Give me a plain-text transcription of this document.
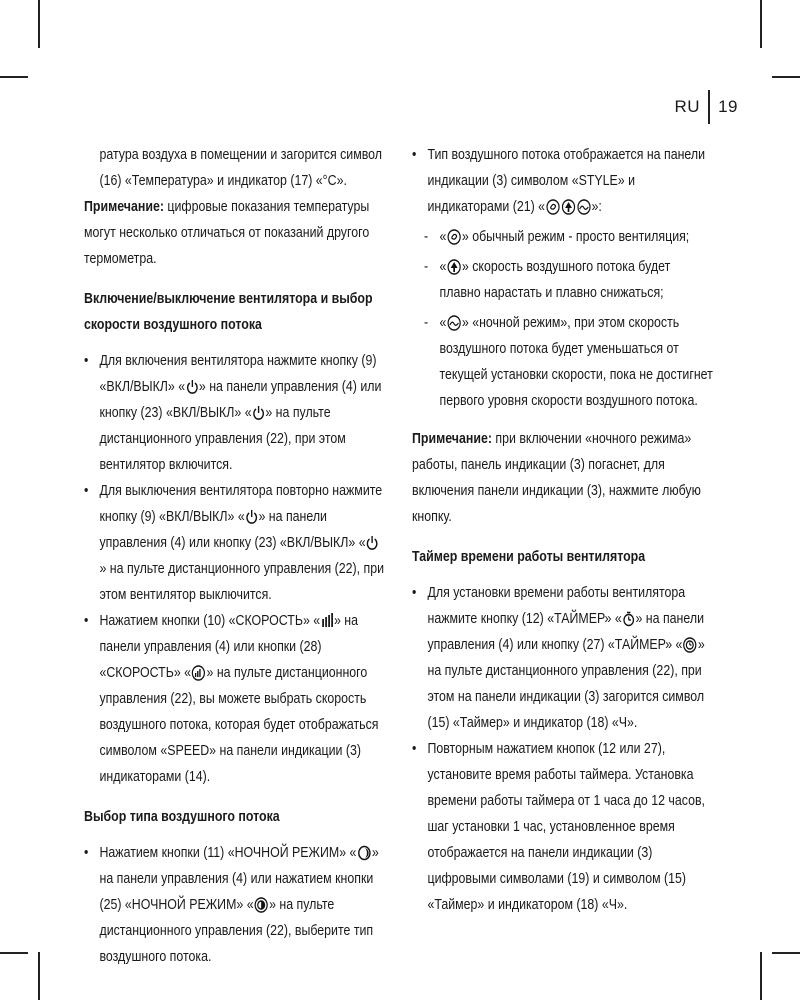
RU 19

ратура воздуха в помещении и загорится символ

(16) «Температура» и индикатор (17) «°С».

Примечание: цифровые показания температуры могут несколько отличаться от показаний другого термометра.

Включение/выключение вентилятора и выбор скорости воздушного потока

• Для включения вентилятора нажмите кнопку (9) «ВКЛ/ВЫКЛ» « » на панели управления (4) или кнопку (23) «ВКЛ/ВЫКЛ» « » на пульте дистанционного управления (22), при этом вентилятор включится.

• Для выключения вентилятора повторно нажмите кнопку (9) «ВКЛ/ВЫКЛ» « » на панели управления (4) или кнопку (23) «ВКЛ/ВЫКЛ» «» на пульте дистанционного управления (22), при этом вентилятор выключится.

• Нажатием кнопки (10) «СКОРОСТЬ» « » на панели управления (4) или кнопки (28) «СКОРОСТЬ» « » на пульте дистанционного управления (22), вы можете выбрать скорость воздушного потока, которая будет отображаться символом «SPEED» на панели индикации (3) индикаторами (14).

Выбор типа воздушного потока

• Нажатием кнопки (11) «НОЧНОЙ РЕЖИМ» « » на панели управления (4) или нажатием кнопки (25) «НОЧНОЙ РЕЖИМ» « » на пульте дистанционного управления (22), выберите тип воздушного потока.

• Тип воздушного потока отображается на панели индикации (3) символом «STYLE» и индикаторами (21) «	»:

- « » обычный режим - просто вентиляция;

- « » скорость воздушного потока будет плавно нарастать и плавно снижаться;

- « » «ночной режим», при этом скорость воздушного потока будет уменьшаться от текущей установки скорости, пока не достигнет первого уровня скорости воздушного потока.

Примечание: при включении «ночного режима» работы, панель индикации (3) погаснет, для включения панели индикации (3), нажмите любую кнопку.

Таймер времени работы вентилятора

• Для установки времени работы вентилятора нажмите кнопку (12) «ТАЙМЕР» « » на панели управления (4) или кнопку (27) «ТАЙМЕР» « » на пульте дистанционного управления (22), при этом на панели индикации (3) загорится символ (15) «Таймер» и индикатор (18) «Ч».

• Повторным нажатием кнопок (12 или 27), установите время работы таймера. Установка времени работы таймера от 1 часа до 12 часов, шаг установки 1 час, установленное время отображается на панели индикации (3) цифровыми символами (19) и символом (15) «Таймер» и индикатором (18) «Ч».
